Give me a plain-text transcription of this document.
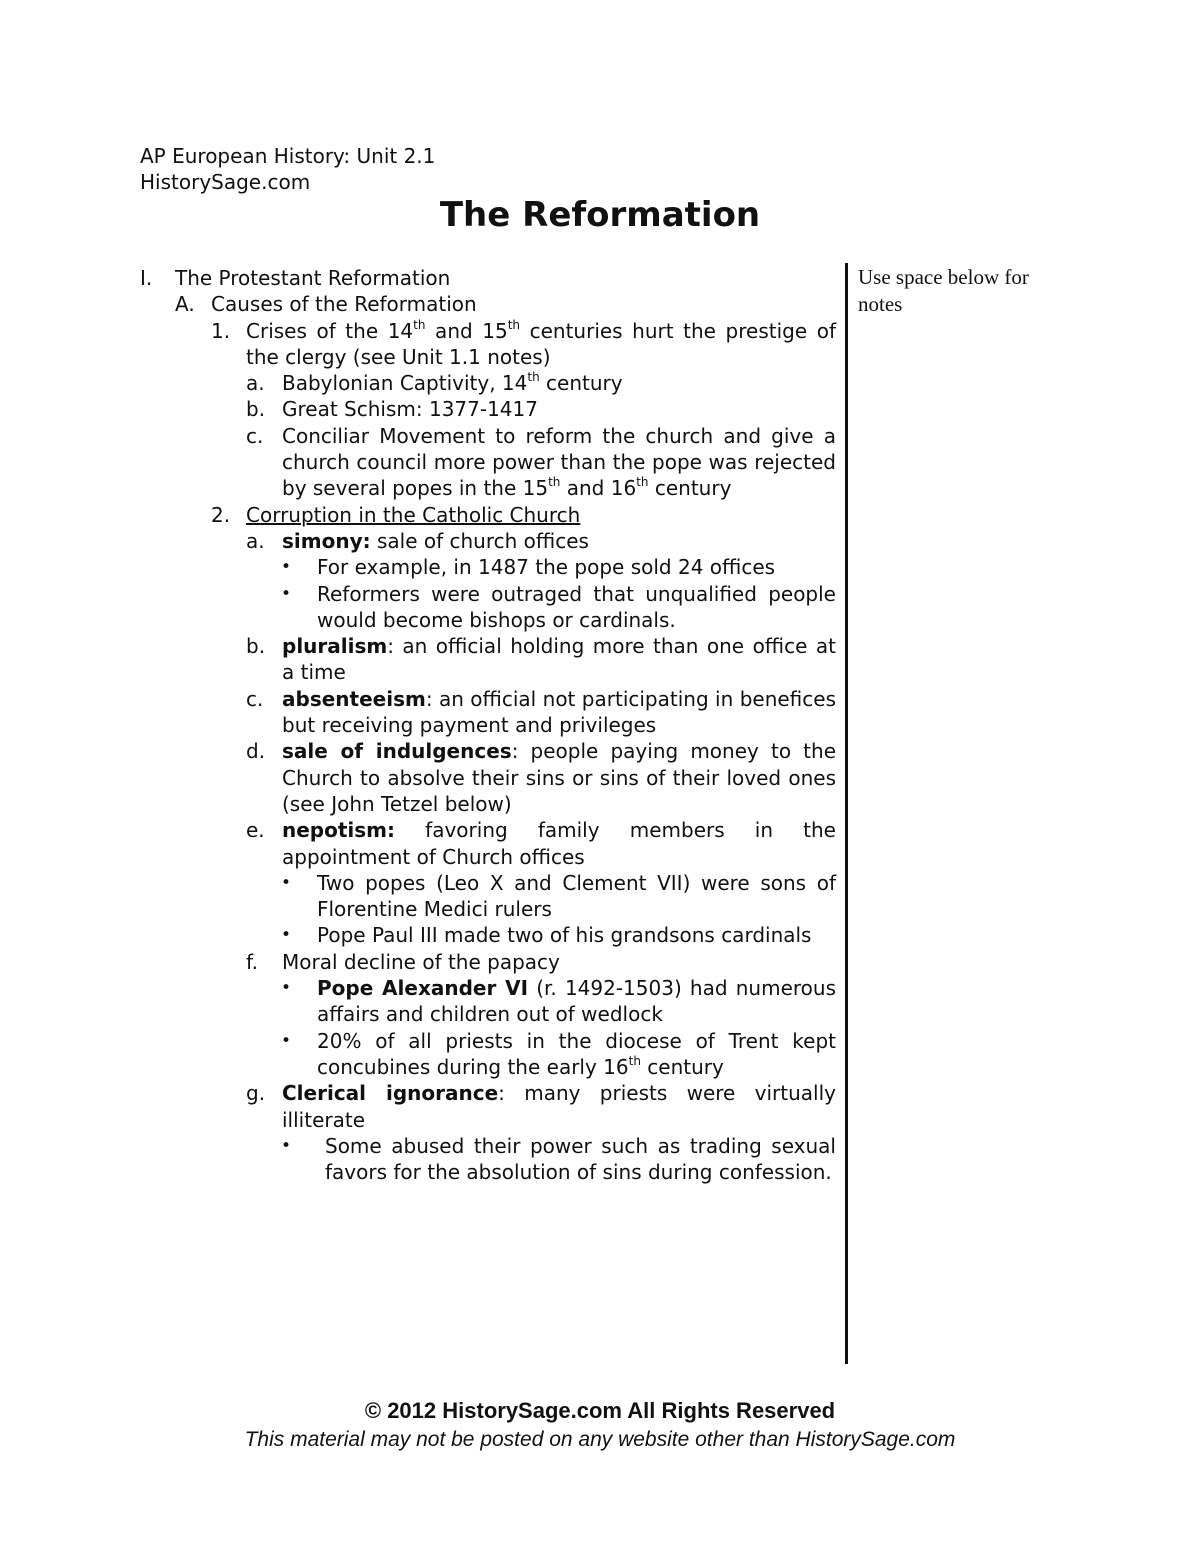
AP European History: Unit 2.1
HistorySage.com
The Reformation
I. The Protestant Reformation
A. Causes of the Reformation
1. Crises of the 14th and 15th centuries hurt the prestige of the clergy (see Unit 1.1 notes)
a. Babylonian Captivity, 14th century
b. Great Schism: 1377-1417
c. Conciliar Movement to reform the church and give a church council more power than the pope was rejected by several popes in the 15th and 16th century
2. Corruption in the Catholic Church
a. simony: sale of church offices
• For example, in 1487 the pope sold 24 offices
• Reformers were outraged that unqualified people would become bishops or cardinals.
b. pluralism: an official holding more than one office at a time
c. absenteeism: an official not participating in benefices but receiving payment and privileges
d. sale of indulgences: people paying money to the Church to absolve their sins or sins of their loved ones (see John Tetzel below)
e. nepotism: favoring family members in the appointment of Church offices
• Two popes (Leo X and Clement VII) were sons of Florentine Medici rulers
• Pope Paul III made two of his grandsons cardinals
f. Moral decline of the papacy
• Pope Alexander VI (r. 1492-1503) had numerous affairs and children out of wedlock
• 20% of all priests in the diocese of Trent kept concubines during the early 16th century
g. Clerical ignorance: many priests were virtually illiterate
• Some abused their power such as trading sexual favors for the absolution of sins during confession.
Use space below for notes
© 2012 HistorySage.com All Rights Reserved
This material may not be posted on any website other than HistorySage.com
